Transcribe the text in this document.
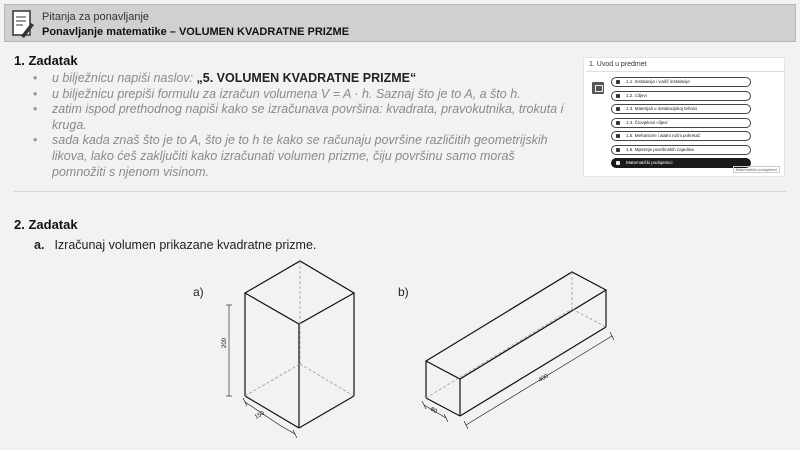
Pitanja za ponavljanje
Ponavljanje matematike – VOLUMEN KVADRATNE PRIZME
1. Zadatak
• u bilježnicu napiši naslov: „5. VOLUMEN KVADRATNE PRIZME“
• u bilježnicu prepiši formulu za izračun volumena V = A · h. Saznaj što je to A, a što h.
• zatim ispod prethodnog napiši kako se izračunava površina: kvadrata, pravokutnika, trokuta i kruga.
• sada kada znaš što je to A, što je to h te kako se računaju površine različitih geometrijskih likova, lako ćeš zaključiti kako izračunati volumen prizme, čiju površinu samo moraš pomnožiti s njenom visinom.
1. Uvod u predmet
1.1. Instalacija i vodič instalacije
1.2. Ciljevi
1.3. Materijali u instalacijskoj tehnici
1.4. Čiovjekovi ciljevi
1.5. Mehanizmi i alatni ručni pokretač
1.6. Mjerenje površinskih zajedina
Matematički podsjetnici
Matematički podsjetnici
2. Zadatak
a. Izračunaj volumen prikazane kvadratne prizme.
a)	b)
200
150	80
400
